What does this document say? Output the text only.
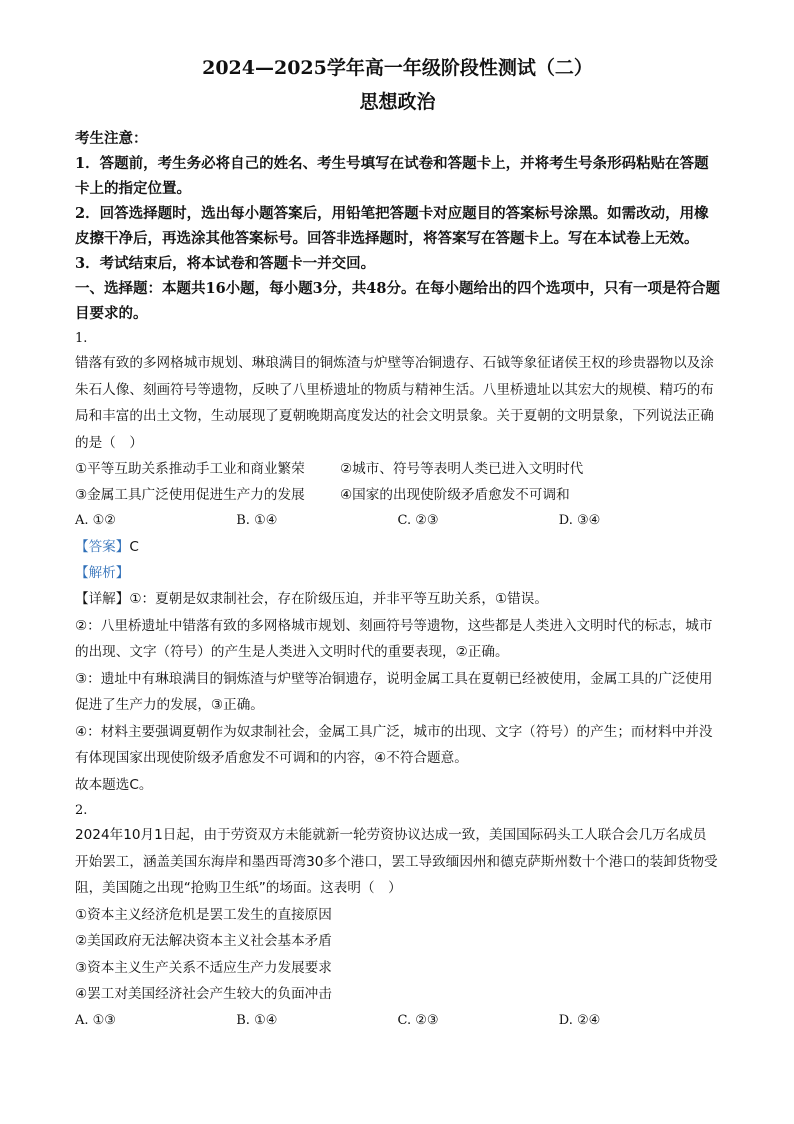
2024—2025学年高一年级阶段性测试（二）
思想政治
考生注意：
1．答题前，考生务必将自己的姓名、考生号填写在试卷和答题卡上，并将考生号条形码粘贴在答题卡上的指定位置。
2．回答选择题时，选出每小题答案后，用铅笔把答题卡对应题目的答案标号涂黑。如需改动，用橡皮擦干净后，再选涂其他答案标号。回答非选择题时，将答案写在答题卡上。写在本试卷上无效。
3．考试结束后，将本试卷和答题卡一并交回。
一、选择题：本题共16小题，每小题3分，共48分。在每小题给出的四个选项中，只有一项是符合题目要求的。
1.
错落有致的多网格城市规划、琳琅满目的铜炼渣与炉壁等冶铜遗存、石钺等象征诸侯王权的珍贵器物以及涂朱石人像、刻画符号等遗物，反映了八里桥遗址的物质与精神生活。八里桥遗址以其宏大的规模、精巧的布局和丰富的出土文物，生动展现了夏朝晚期高度发达的社会文明景象。关于夏朝的文明景象，下列说法正确的是（　）
①平等互助关系推动手工业和商业繁荣	②城市、符号等表明人类已进入文明时代
③金属工具广泛使用促进生产力的发展	④国家的出现使阶级矛盾愈发不可调和
A. ①②	B. ①④	C. ②③	D. ③④
【答案】C
【解析】
【详解】①：夏朝是奴隶制社会，存在阶级压迫，并非平等互助关系，①错误。
②：八里桥遗址中错落有致的多网格城市规划、刻画符号等遗物，这些都是人类进入文明时代的标志，城市的出现、文字（符号）的产生是人类进入文明时代的重要表现，②正确。
③：遗址中有琳琅满目的铜炼渣与炉壁等冶铜遗存，说明金属工具在夏朝已经被使用，金属工具的广泛使用促进了生产力的发展，③正确。
④：材料主要强调夏朝作为奴隶制社会，金属工具广泛，城市的出现、文字（符号）的产生；而材料中并没有体现国家出现使阶级矛盾愈发不可调和的内容，④不符合题意。
故本题选C。
2.
2024年10月1日起，由于劳资双方未能就新一轮劳资协议达成一致，美国国际码头工人联合会几万名成员开始罢工，涵盖美国东海岸和墨西哥湾30多个港口，罢工导致缅因州和德克萨斯州数十个港口的装卸货物受阻，美国随之出现“抢购卫生纸”的场面。这表明（　）
①资本主义经济危机是罢工发生的直接原因
②美国政府无法解决资本主义社会基本矛盾
③资本主义生产关系不适应生产力发展要求
④罢工对美国经济社会产生较大的负面冲击
A. ①③	B. ①④	C. ②③	D. ②④
